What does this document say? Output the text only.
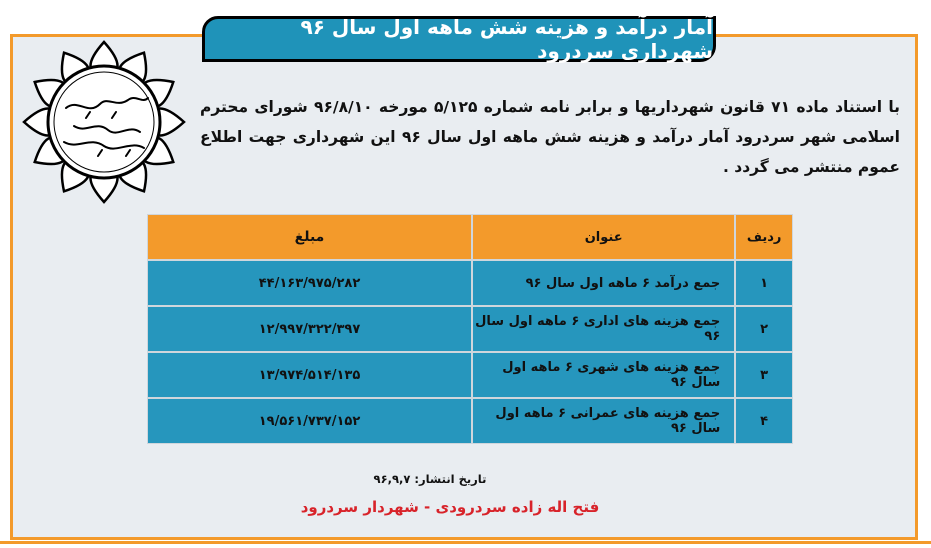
آمار درآمد و هزینه شش ماهه اول سال ۹۶ شهرداری سردرود
با استناد ماده ۷۱ قانون شهرداریها و برابر نامه شماره ۵/۱۲۵ مورخه ۹۶/۸/۱۰ شورای محترم اسلامی شهر سردرود آمار درآمد و هزینه شش ماهه اول سال ۹۶ این شهرداری جهت اطلاع عموم منتشر می گردد .
ردیف	عنوان	مبلغ
۱	جمع درآمد ۶ ماهه اول سال ۹۶	۴۴/۱۶۳/۹۷۵/۲۸۲
۲	جمع هزینه های اداری ۶ ماهه اول سال ۹۶	۱۲/۹۹۷/۳۲۲/۳۹۷
۳	جمع هزینه های شهری ۶ ماهه اول سال ۹۶	۱۳/۹۷۴/۵۱۴/۱۳۵
۴	جمع هزینه های عمرانی ۶ ماهه اول سال ۹۶	۱۹/۵۶۱/۷۳۷/۱۵۲
تاریخ انتشار: ۹۶,۹,۷
فتح اله زاده سردرودی - شهردار سردرود
